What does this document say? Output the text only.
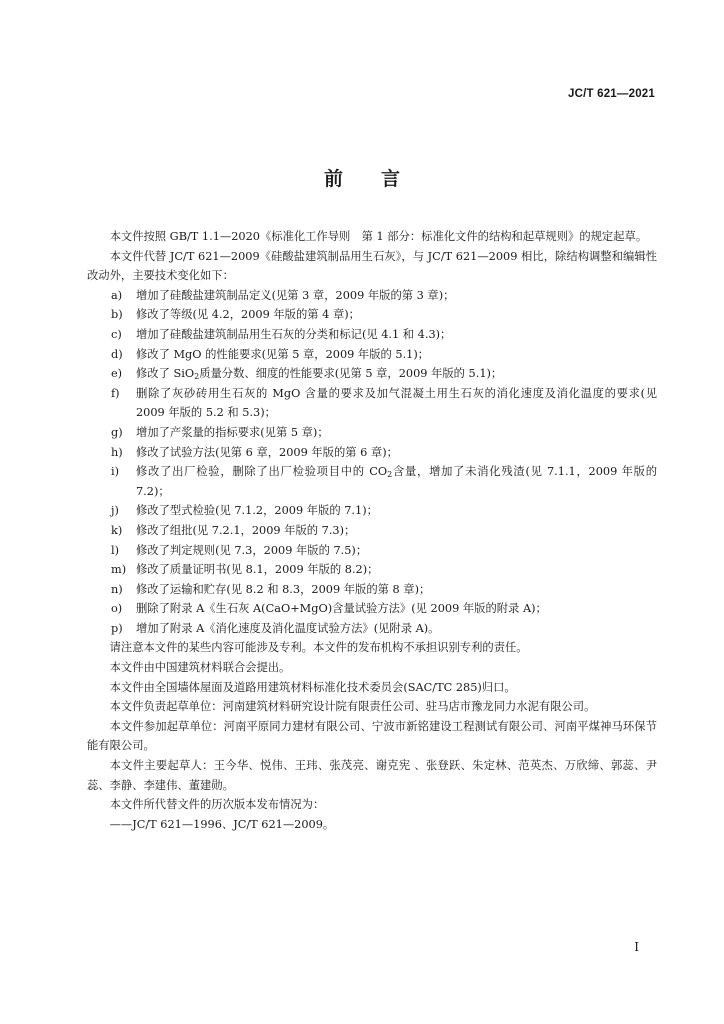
JC/T 621—2021
前言

本文件按照 GB/T 1.1—2020《标准化工作导则　第 1 部分：标准化文件的结构和起草规则》的规定起草。

本文件代替 JC/T 621—2009《硅酸盐建筑制品用生石灰》，与 JC/T 621—2009 相比，除结构调整和编辑性改动外，主要技术变化如下：

a)	增加了硅酸盐建筑制品定义(见第 3 章，2009 年版的第 3 章)；
b)	修改了等级(见 4.2，2009 年版的第 4 章)；
c)	增加了硅酸盐建筑制品用生石灰的分类和标记(见 4.1 和 4.3)；
d)	修改了 MgO 的性能要求(见第 5 章，2009 年版的 5.1)；
e)	修改了 SiO$_2$质量分数、细度的性能要求(见第 5 章，2009 年版的 5.1)；
f)	删除了灰砂砖用生石灰的 MgO 含量的要求及加气混凝土用生石灰的消化速度及消化温度的要求(见 2009 年版的 5.2 和 5.3)；
g)	增加了产浆量的指标要求(见第 5 章)；
h)	修改了试验方法(见第 6 章，2009 年版的第 6 章)；
i)	修改了出厂检验，删除了出厂检验项目中的 $CO_2$含量，增加了未消化残渣(见 7.1.1，2009 年版的 7.2)；
j)	修改了型式检验(见 7.1.2，2009 年版的 7.1)；
k)	修改了组批(见 7.2.1，2009 年版的 7.3)；
l)	修改了判定规则(见 7.3，2009 年版的 7.5)；
m) 修改了质量证明书(见 8.1，2009 年版的 8.2)；
n)	修改了运输和贮存(见 8.2 和 8.3，2009 年版的第 8 章)；
o)	删除了附录 A《生石灰 A(CaO+MgO)含量试验方法》(见 2009 年版的附录 A)；
p)	增加了附录 A《消化速度及消化温度试验方法》(见附录 A)。

请注意本文件的某些内容可能涉及专利。本文件的发布机构不承担识别专利的责任。

本文件由中国建筑材料联合会提出。

本文件由全国墙体屋面及道路用建筑材料标准化技术委员会(SAC/TC 285)归口。

本文件负责起草单位：河南建筑材料研究设计院有限责任公司、驻马店市豫龙同力水泥有限公司。

本文件参加起草单位：河南平原同力建材有限公司、宁波市新铭建设工程测试有限公司、河南平煤神马环保节能有限公司。

本文件主要起草人：王今华、悦伟、王玮、张茂亮、谢克宪 、张登跃、朱定林、范英杰、万欣缔、郭蕊、尹蕊、李静、李建伟、董建勋。

本文件所代替文件的历次版本发布情况为：

——JC/T 621—1996、JC/T 621—2009。

I
